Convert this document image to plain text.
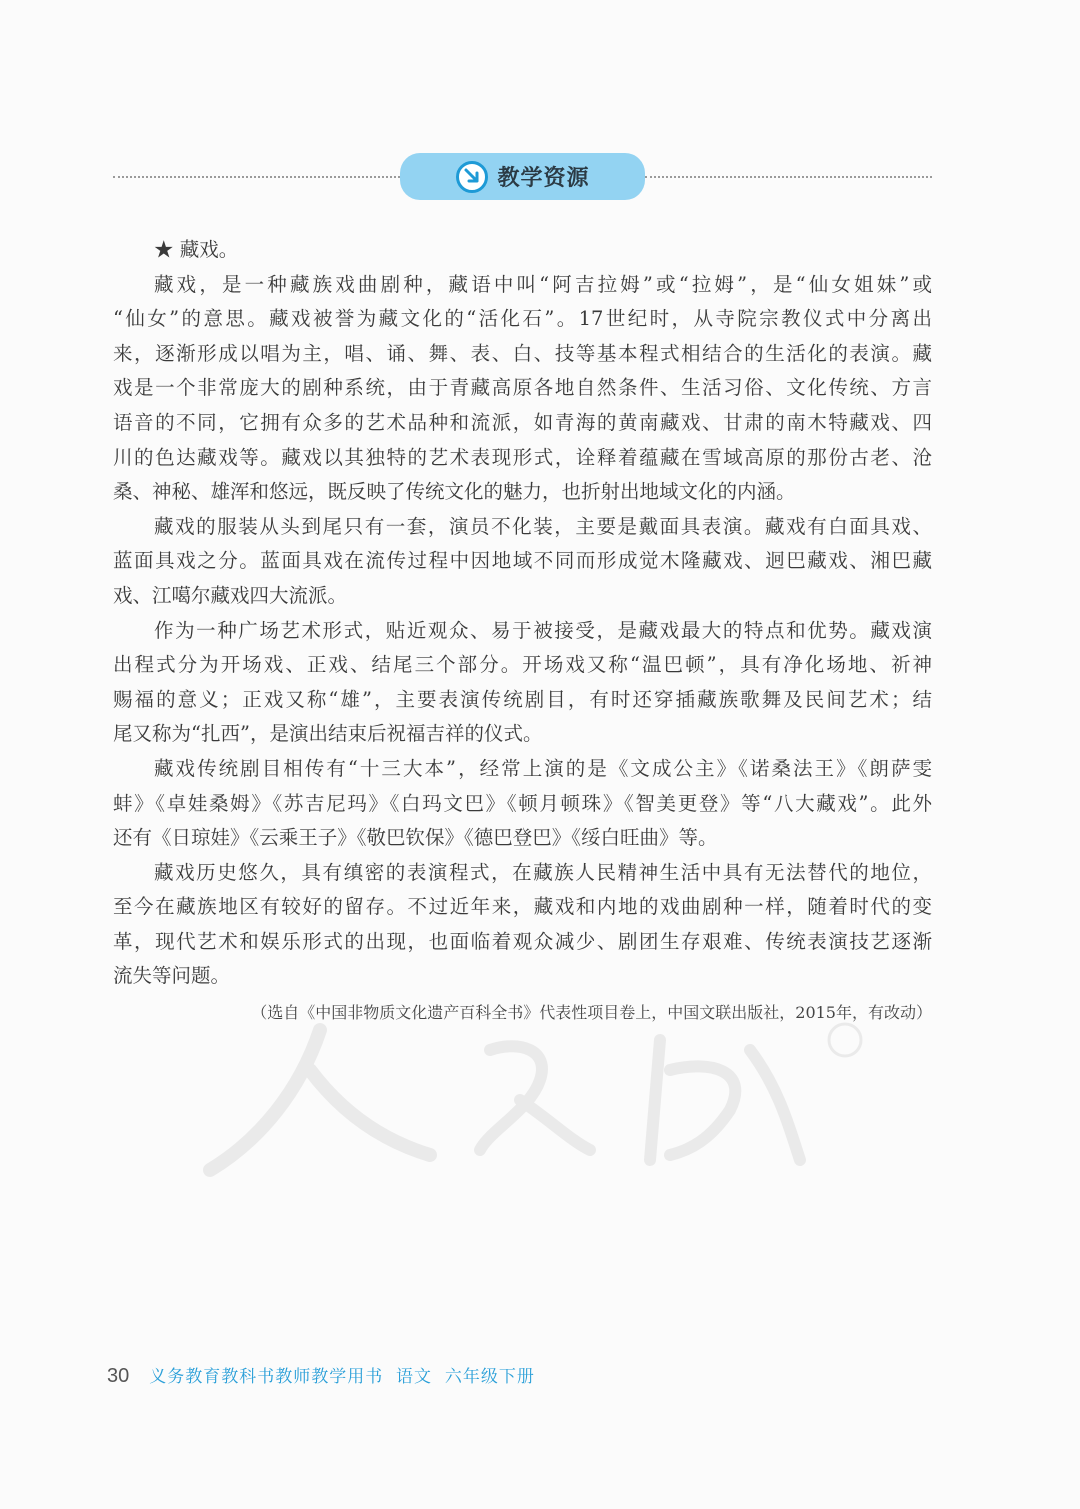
教学资源
★ 藏戏。
藏戏，是一种藏族戏曲剧种，藏语中叫“阿吉拉姆”或“拉姆”，是“仙女姐妹”或
“仙女”的意思。藏戏被誉为藏文化的“活化石”。17世纪时，从寺院宗教仪式中分离出
来，逐渐形成以唱为主，唱、诵、舞、表、白、技等基本程式相结合的生活化的表演。藏
戏是一个非常庞大的剧种系统，由于青藏高原各地自然条件、生活习俗、文化传统、方言
语音的不同，它拥有众多的艺术品种和流派，如青海的黄南藏戏、甘肃的南木特藏戏、四
川的色达藏戏等。藏戏以其独特的艺术表现形式，诠释着蕴藏在雪域高原的那份古老、沧
桑、神秘、雄浑和悠远，既反映了传统文化的魅力，也折射出地域文化的内涵。
藏戏的服装从头到尾只有一套，演员不化装，主要是戴面具表演。藏戏有白面具戏、
蓝面具戏之分。蓝面具戏在流传过程中因地域不同而形成觉木隆藏戏、迥巴藏戏、湘巴藏
戏、江噶尔藏戏四大流派。
作为一种广场艺术形式，贴近观众、易于被接受，是藏戏最大的特点和优势。藏戏演
出程式分为开场戏、正戏、结尾三个部分。开场戏又称“温巴顿”，具有净化场地、祈神
赐福的意义；正戏又称“雄”，主要表演传统剧目，有时还穿插藏族歌舞及民间艺术；结
尾又称为“扎西”，是演出结束后祝福吉祥的仪式。
藏戏传统剧目相传有“十三大本”，经常上演的是《文成公主》《诺桑法王》《朗萨雯
蚌》《卓娃桑姆》《苏吉尼玛》《白玛文巴》《顿月顿珠》《智美更登》等“八大藏戏”。此外
还有《日琼娃》《云乘王子》《敬巴钦保》《德巴登巴》《绥白旺曲》等。
藏戏历史悠久，具有缜密的表演程式，在藏族人民精神生活中具有无法替代的地位，
至今在藏族地区有较好的留存。不过近年来，藏戏和内地的戏曲剧种一样，随着时代的变
革，现代艺术和娱乐形式的出现，也面临着观众减少、剧团生存艰难、传统表演技艺逐渐
流失等问题。
（选自《中国非物质文化遗产百科全书》代表性项目卷上，中国文联出版社，2015年，有改动）
30 义务教育教科书教师教学用书  语文  六年级下册
